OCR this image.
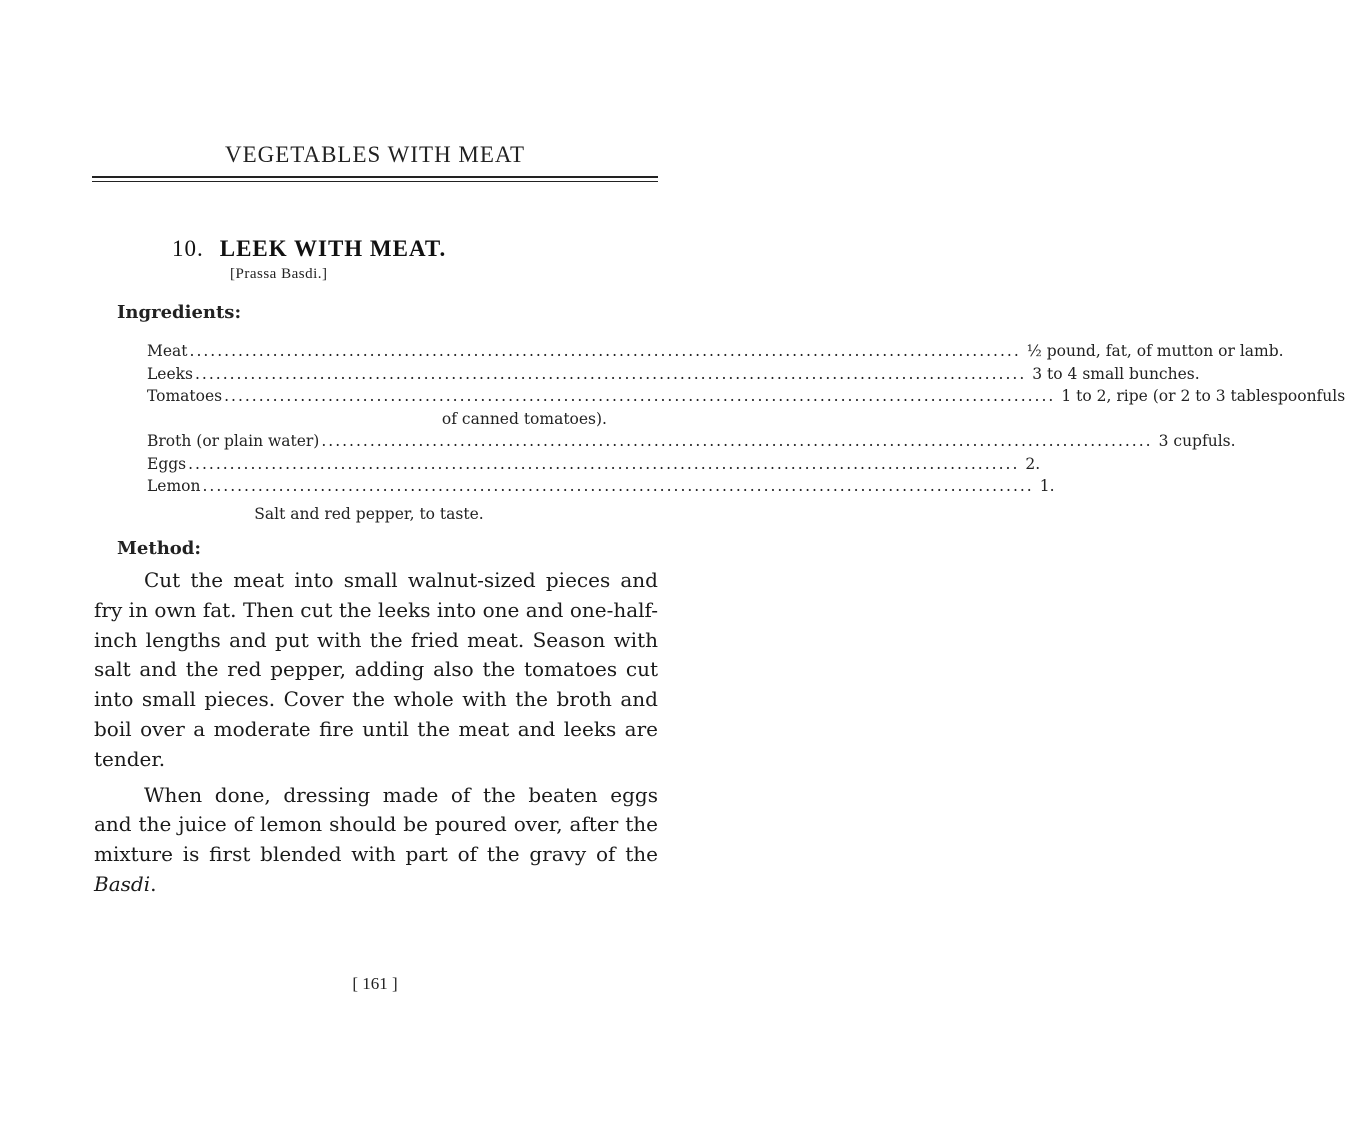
VEGETABLES WITH MEAT
10. LEEK WITH MEAT.
[Prassa Basdi.]
Ingredients:
Meat ........................................................................................................................ ½ pound, fat, of mutton or lamb.
Leeks ........................................................................................................................ 3 to 4 small bunches.
Tomatoes ........................................................................................................................ 1 to 2, ripe (or 2 to 3 tablespoonfuls
of canned tomatoes).
Broth (or plain water) ........................................................................................................................ 3 cupfuls.
Eggs ........................................................................................................................ 2.
Lemon ........................................................................................................................ 1.
Salt and red pepper, to taste.
Method:

Cut the meat into small walnut-sized pieces and fry in own fat. Then cut the leeks into one and one-half-inch lengths and put with the fried meat. Season with salt and the red pepper, adding also the tomatoes cut into small pieces. Cover the whole with the broth and boil over a moderate fire until the meat and leeks are tender.

When done, dressing made of the beaten eggs and the juice of lemon should be poured over, after the mixture is first blended with part of the gravy of the Basdi.

[ 161 ]
